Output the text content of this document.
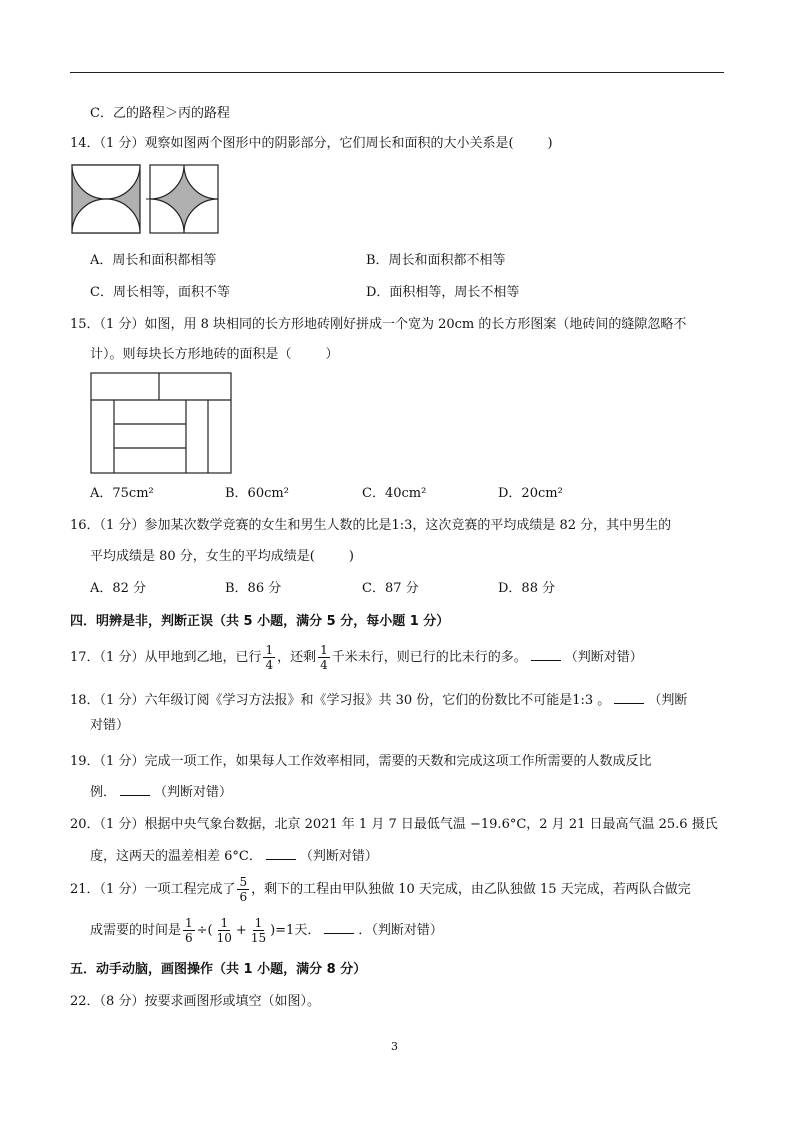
C．乙的路程＞丙的路程
14．（1 分）观察如图两个图形中的阴影部分，它们周长和面积的大小关系是(	)
A．周长和面积都相等	B．周长和面积都不相等
C．周长相等，面积不等	D．面积相等，周长不相等
15．（1 分）如图，用 8 块相同的长方形地砖刚好拼成一个宽为 20cm 的长方形图案（地砖间的缝隙忽略不
计）。则每块长方形地砖的面积是（	）
A．75cm²	B．60cm²	C．40cm²	D．20cm²
16．（1 分）参加某次数学竞赛的女生和男生人数的比是1:3，这次竞赛的平均成绩是 82 分，其中男生的
平均成绩是 80 分，女生的平均成绩是(	)
A．82 分	B．86 分	C．87 分	D．88 分
四．明辨是非，判断正误（共 5 小题，满分 5 分，每小题 1 分）
17．（1 分）从甲地到乙地，已行 $\frac{1}{4}$ ，还剩 $\frac{1}{4}$ 千米未行，则已行的比未行的多。	（判断对错）
18．（1 分）六年级订阅《学习方法报》和《学习报》共 30 份，它们的份数比不可能是1:3 。	（判断
对错）
19．（1 分）完成一项工作，如果每人工作效率相同，需要的天数和完成这项工作所需要的人数成反比
例．	（判断对错）
20．（1 分）根据中央气象台数据，北京 2021 年 1 月 7 日最低气温 −19.6°C，2 月 21 日最高气温 25.6 摄氏
度，这两天的温差相差 6°C．	（判断对错）
21．（1 分）一项工程完成了 $\frac{5}{6}$ ，剩下的工程由甲队独做 10 天完成，由乙队独做 15 天完成，若两队合做完
成需要的时间是 $\frac{1}{6}$ ÷( $\frac{1}{10} + \frac{1}{15} )=1$天．	．（判断对错）
五．动手动脑，画图操作（共 1 小题，满分 8 分）
22．（8 分）按要求画图形或填空（如图）。
3
